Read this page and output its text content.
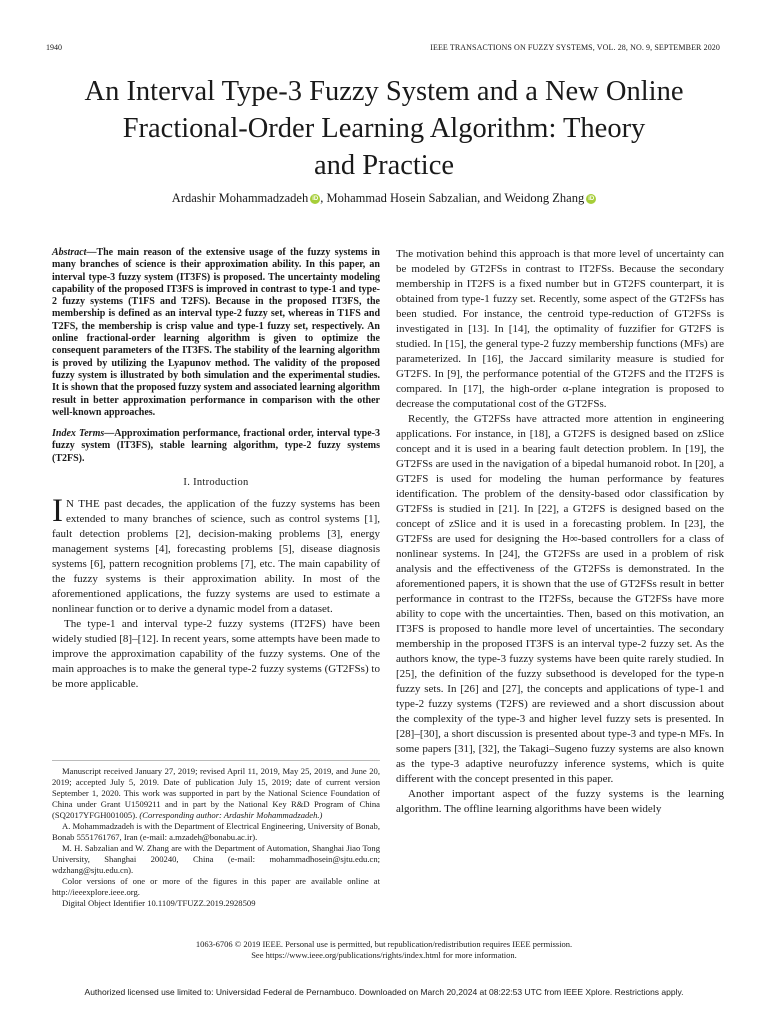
1940	IEEE TRANSACTIONS ON FUZZY SYSTEMS, VOL. 28, NO. 9, SEPTEMBER 2020
An Interval Type-3 Fuzzy System and a New Online
Fractional-Order Learning Algorithm: Theory
and Practice
Ardashir Mohammadzadeh iD , Mohammad Hosein Sabzalian, and Weidong Zhang iD

Abstract—The main reason of the extensive usage of the fuzzy systems in many branches of science is their approximation ability. In this paper, an interval type-3 fuzzy system (IT3FS) is proposed. The uncertainty modeling capability of the proposed IT3FS is improved in contrast to type-1 and type-2 fuzzy systems (T1FS and T2FS). Because in the proposed IT3FS, the membership is defined as an interval type-2 fuzzy set, whereas in T1FS and T2FS, the membership is crisp value and type-1 fuzzy set, respectively. An online fractional-order learning algorithm is given to optimize the consequent parameters of the IT3FS. The stability of the learning algorithm is proved by utilizing the Lyapunov method. The validity of the proposed fuzzy system is illustrated by both simulation and the experimental studies. It is shown that the proposed fuzzy system and associated learning algorithm result in better approximation performance in comparison with the other well-known approaches.

Index Terms—Approximation performance, fractional order, interval type-3 fuzzy system (IT3FS), stable learning algorithm, type-2 fuzzy systems (T2FS).

I. Introduction

I N THE past decades, the application of the fuzzy systems has been extended to many branches of science, such as control systems [1], fault detection problems [2], decision-making problems [3], energy management systems [4], forecasting problems [5], disease diagnosis systems [6], pattern recognition problems [7], etc. The main capability of the fuzzy systems is their approximation ability. In most of the aforementioned applications, the fuzzy systems are used to estimate a nonlinear function or to derive a dynamic model from a dataset.

The type-1 and interval type-2 fuzzy systems (IT2FS) have been widely studied [8]–[12]. In recent years, some attempts have been made to improve the approximation capability of the fuzzy systems. One of the main approaches is to make the general type-2 fuzzy systems (GT2FSs) to be more applicable.

Manuscript received January 27, 2019; revised April 11, 2019, May 25, 2019, and June 20, 2019; accepted July 5, 2019. Date of publication July 15, 2019; date of current version September 1, 2020. This work was supported in part by the National Science Foundation of China under Grant U1509211 and in part by the National Key R&D Program of China (SQ2017YFGH001005). (Corresponding author: Ardashir Mohammadzadeh.)

A. Mohammadzadeh is with the Department of Electrical Engineering, University of Bonab, Bonab 5551761767, Iran (e-mail: a.mzadeh@bonabu.ac.ir).

M. H. Sabzalian and W. Zhang are with the Department of Automation, Shanghai Jiao Tong University, Shanghai 200240, China (e-mail: mohammadhosein@sjtu.edu.cn; wdzhang@sjtu.edu.cn).

Color versions of one or more of the figures in this paper are available online at http://ieeexplore.ieee.org.

Digital Object Identifier 10.1109/TFUZZ.2019.2928509

The motivation behind this approach is that more level of uncertainty can be modeled by GT2FSs in contrast to IT2FSs. Because the secondary membership in IT2FS is a fixed number but in GT2FS counterpart, it is obtained from type-1 fuzzy set. Recently, some aspect of the GT2FSs has been studied. For instance, the centroid type-reduction of GT2FSs is investigated in [13]. In [14], the optimality of fuzzifier for GT2FS is studied. In [15], the general type-2 fuzzy membership functions (MFs) are parameterized. In [16], the Jaccard similarity measure is studied for GT2FS. In [9], the performance potential of the GT2FS and the IT2FS is compared. In [17], the high-order α-plane integration is proposed to decrease the computational cost of the GT2FSs.

Recently, the GT2FSs have attracted more attention in engineering applications. For instance, in [18], a GT2FS is designed based on zSlice concept and it is used in a bearing fault detection problem. In [19], the GT2FSs are used in the navigation of a bipedal humanoid robot. In [20], a GT2FS is used for modeling the human performance by features identification. The problem of the density-based odor classification by GT2FSs is studied in [21]. In [22], a GT2FS is designed based on the concept of zSlice and it is used in a forecasting problem. In [23], the GT2FSs are used for designing the H∞-based controllers for a class of nonlinear systems. In [24], the GT2FSs are used in a problem of risk analysis and the effectiveness of the GT2FSs is demonstrated. In the aforementioned papers, it is shown that the use of GT2FSs result in better performance in contrast to the IT2FSs, because the GT2FSs have more ability to cope with the uncertainties. Then, based on this motivation, an IT3FS is proposed to handle more level of uncertainties. The secondary membership in the proposed IT3FS is an interval type-2 fuzzy set. As the authors know, the type-3 fuzzy systems have been quite rarely studied. In [25], the definition of the fuzzy subsethood is developed for the type-n fuzzy sets. In [26] and [27], the concepts and applications of type-1 and type-2 fuzzy systems (T2FS) are reviewed and a short discussion about the complexity of the type-3 and higher level fuzzy sets is presented. In [28]–[30], a short discussion is presented about type-3 and type-n MFs. In some papers [31], [32], the Takagi–Sugeno fuzzy systems are also known as the type-3 adaptive neurofuzzy inference systems, which is quite different with the concept presented in this paper.

Another important aspect of the fuzzy systems is the learning algorithm. The offline learning algorithms have been widely

1063-6706 © 2019 IEEE. Personal use is permitted, but republication/redistribution requires IEEE permission.
See https://www.ieee.org/publications/rights/index.html for more information.
Authorized licensed use limited to: Universidad Federal de Pernambuco. Downloaded on March 20,2024 at 08:22:53 UTC from IEEE Xplore. Restrictions apply.
